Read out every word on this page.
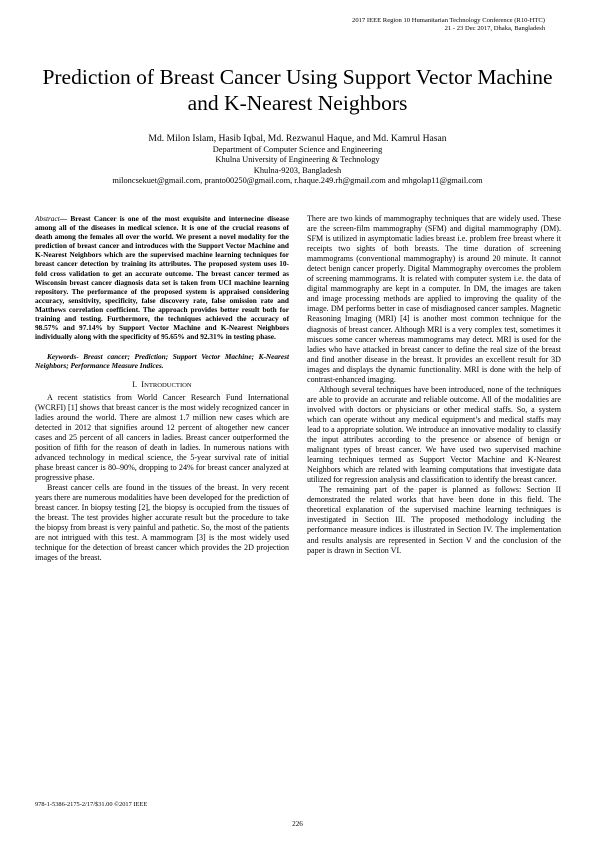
2017 IEEE Region 10 Humanitarian Technology Conference (R10-HTC)
21 - 23 Dec 2017, Dhaka, Bangladesh
Prediction of Breast Cancer Using Support Vector Machine and K-Nearest Neighbors
Md. Milon Islam, Hasib Iqbal, Md. Rezwanul Haque, and Md. Kamrul Hasan
Department of Computer Science and Engineering
Khulna University of Engineering & Technology
Khulna-9203, Bangladesh
miloncsekuet@gmail.com, pranto00250@gmail.com, r.haque.249.rh@gmail.com and mhgolap11@gmail.com

Abstract— Breast Cancer is one of the most exquisite and internecine disease among all of the diseases in medical science. It is one of the crucial reasons of death among the females all over the world. We present a novel modality for the prediction of breast cancer and introduces with the Support Vector Machine and K-Nearest Neighbors which are the supervised machine learning techniques for breast cancer detection by training its attributes. The proposed system uses 10-fold cross validation to get an accurate outcome. The breast cancer termed as Wisconsin breast cancer diagnosis data set is taken from UCI machine learning repository. The performance of the proposed system is appraised considering accuracy, sensitivity, specificity, false discovery rate, false omission rate and Matthews correlation coefficient. The approach provides better result both for training and testing. Furthermore, the techniques achieved the accuracy of 98.57% and 97.14% by Support Vector Machine and K-Nearest Neighbors individually along with the specificity of 95.65% and 92.31% in testing phase.

Keywords- Breast cancer; Prediction; Support Vector Machine; K-Nearest Neighbors; Performance Measure Indices.

I. INTRODUCTION

A recent statistics from World Cancer Research Fund International (WCRFI) [1] shows that breast cancer is the most widely recognized cancer in ladies around the world. There are almost 1.7 million new cases which are detected in 2012 that signifies around 12 percent of altogether new cancer cases and 25 percent of all cancers in ladies. Breast cancer outperformed the position of fifth for the reason of death in ladies. In numerous nations with advanced technology in medical science, the 5-year survival rate of initial phase breast cancer is 80–90%, dropping to 24% for breast cancer analyzed at progressive phase.

Breast cancer cells are found in the tissues of the breast. In very recent years there are numerous modalities have been developed for the prediction of breast cancer. In biopsy testing [2], the biopsy is occupied from the tissues of the breast. The test provides higher accurate result but the procedure to take the biopsy from breast is very painful and pathetic. So, the most of the patients are not intrigued with this test. A mammogram [3] is the most widely used technique for the detection of breast cancer which provides the 2D projection images of the breast.

There are two kinds of mammography techniques that are widely used. These are the screen-film mammography (SFM) and digital mammography (DM). SFM is utilized in asymptomatic ladies breast i.e. problem free breast where it receipts two sights of both breasts. The time duration of screening mammograms (conventional mammography) is around 20 minute. It cannot detect benign cancer properly. Digital Mammography overcomes the problem of screening mammograms. It is related with computer system i.e. the data of digital mammography are kept in a computer. In DM, the images are taken and image processing methods are applied to improving the quality of the image. DM performs better in case of misdiagnosed cancer samples. Magnetic Reasoning Imaging (MRI) [4] is another most common technique for the diagnosis of breast cancer. Although MRI is a very complex test, sometimes it miscues some cancer whereas mammograms may detect. MRI is used for the ladies who have attacked in breast cancer to define the real size of the breast and find another disease in the breast. It provides an excellent result for 3D images and displays the dynamic functionality. MRI is done with the help of contrast-enhanced imaging.

Although several techniques have been introduced, none of the techniques are able to provide an accurate and reliable outcome. All of the modalities are involved with doctors or physicians or other medical staffs. So, a system which can operate without any medical equipment’s and medical staffs may lead to a appropriate solution. We introduce an innovative modality to classify the input attributes according to the presence or absence of benign or malignant types of breast cancer. We have used two supervised machine learning techniques termed as Support Vector Machine and K-Nearest Neighbors which are related with learning computations that investigate data utilized for regression analysis and classification to identify the breast cancer.

The remaining part of the paper is planned as follows: Section II demonstrated the related works that have been done in this field. The theoretical explanation of the supervised machine learning techniques is investigated in Section III. The proposed methodology including the performance measure indices is illustrated in Section IV. The implementation and results analysis are represented in Section V and the conclusion of the paper is drawn in Section VI.

978-1-5386-2175-2/17/$31.00 ©2017 IEEE
226
